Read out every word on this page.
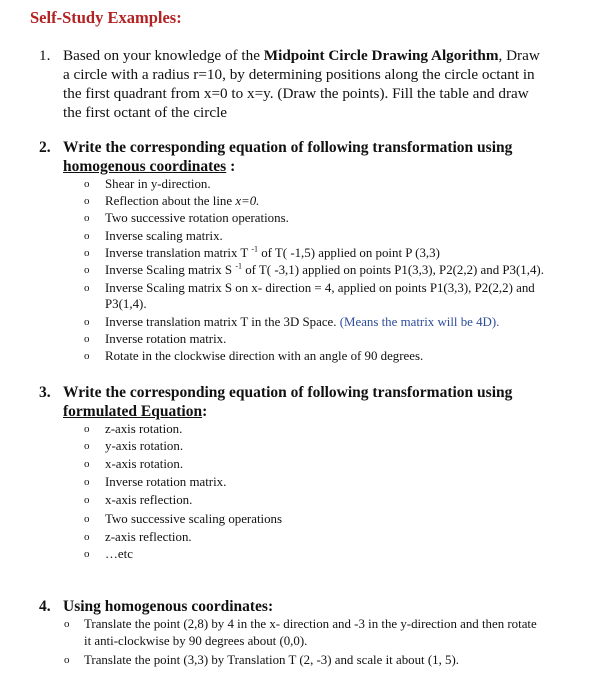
Self-Study Examples:
1. Based on your knowledge of the Midpoint Circle Drawing Algorithm, Draw
a circle with a radius r=10, by determining positions along the circle octant in
the first quadrant from x=0 to x=y. (Draw the points). Fill the table and draw
the first octant of the circle
2. Write the corresponding equation of following transformation using
homogenous coordinates :
o Shear in y-direction.
o Reflection about the line x=0.
o Two successive rotation operations.
o Inverse scaling matrix.
o Inverse translation matrix T $^{-1}$ of T( -1,5) applied on point P (3,3)
o Inverse Scaling matrix S $^{-1}$ of T( -3,1) applied on points P1(3,3), P2(2,2) and P3(1,4).
o Inverse Scaling matrix S on x- direction = 4, applied on points P1(3,3), P2(2,2) and
P3(1,4).
o Inverse translation matrix T in the 3D Space. (Means the matrix will be 4D).
o Inverse rotation matrix.
o Rotate in the clockwise direction with an angle of 90 degrees.
3. Write the corresponding equation of following transformation using
formulated Equation:
o z-axis rotation.
o y-axis rotation.
o x-axis rotation.
o Inverse rotation matrix.
o x-axis reflection.
o Two successive scaling operations
o z-axis reflection.
o …etc
4. Using homogenous coordinates:
o Translate the point (2,8) by 4 in the x- direction and -3 in the y-direction and then rotate
it anti-clockwise by 90 degrees about (0,0).
o Translate the point (3,3) by Translation T (2, -3) and scale it about (1, 5).
